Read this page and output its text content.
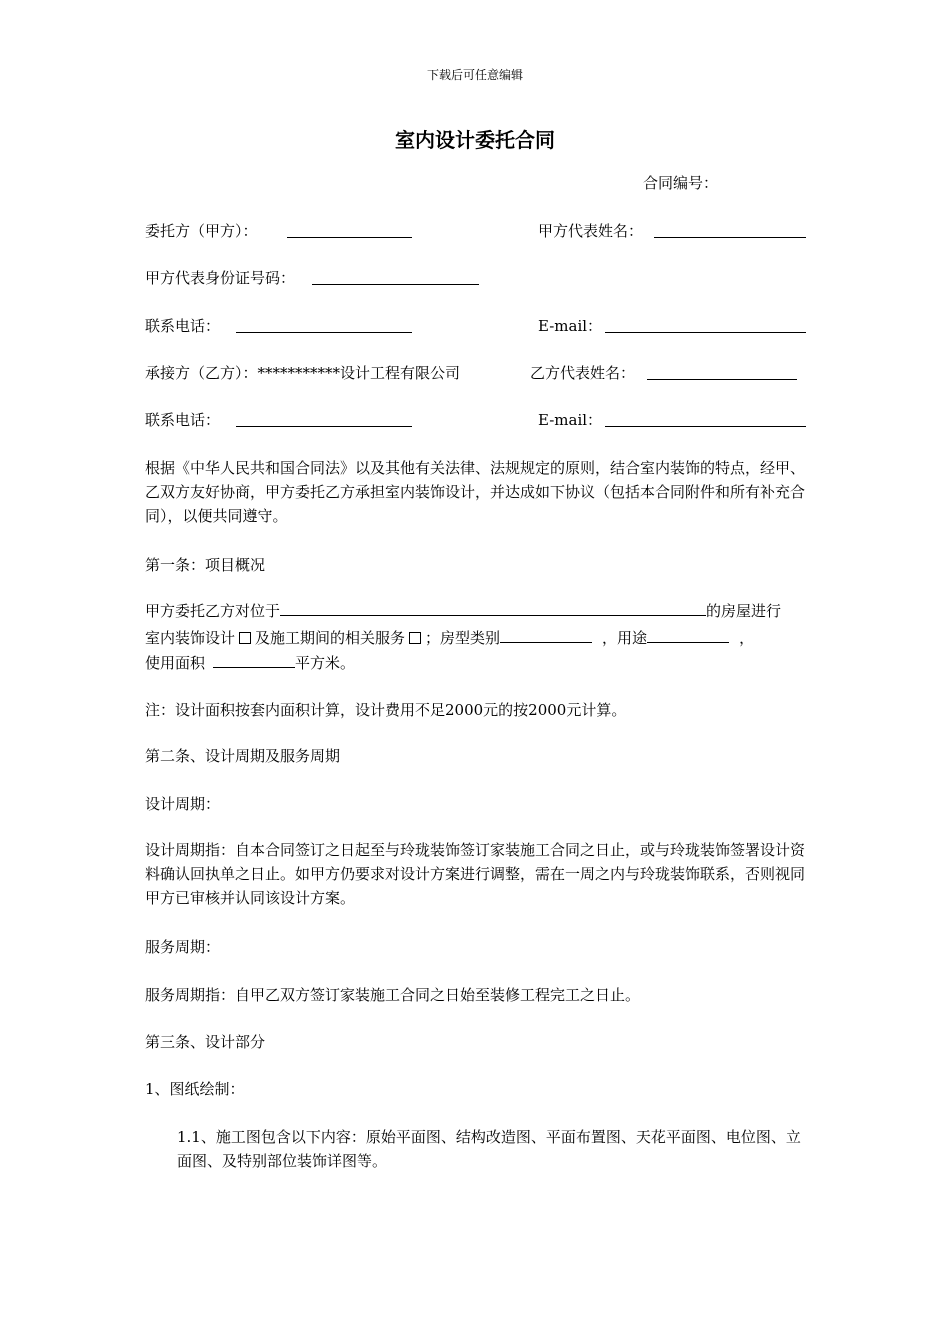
下载后可任意编辑
室内设计委托合同
合同编号：
委托方（甲方）：	甲方代表姓名：
甲方代表身份证号码：
联系电话：	E-mail：
承接方（乙方）：***********设计工程有限公司	乙方代表姓名：
联系电话：	E-mail：
根据《中华人民共和国合同法》以及其他有关法律、法规规定的原则，结合室内装饰的特点，经甲、乙双方友好协商，甲方委托乙方承担室内装饰设计，并达成如下协议（包括本合同附件和所有补充合同），以便共同遵守。
第一条：项目概况
甲方委托乙方对位于	的房屋进行
室内装饰设计 及施工期间的相关服务 ；房型类别	，用途	，
使用面积	平方米。
注：设计面积按套内面积计算，设计费用不足2000元的按2000元计算。
第二条、设计周期及服务周期
设计周期：
设计周期指：自本合同签订之日起至与玲珑装饰签订家装施工合同之日止，或与玲珑装饰签署设计资料确认回执单之日止。如甲方仍要求对设计方案进行调整，需在一周之内与玲珑装饰联系，否则视同甲方已审核并认同该设计方案。
服务周期：
服务周期指：自甲乙双方签订家装施工合同之日始至装修工程完工之日止。
第三条、设计部分
1、图纸绘制：
1.1、施工图包含以下内容：原始平面图、结构改造图、平面布置图、天花平面图、电位图、立面图、及特别部位装饰详图等。
